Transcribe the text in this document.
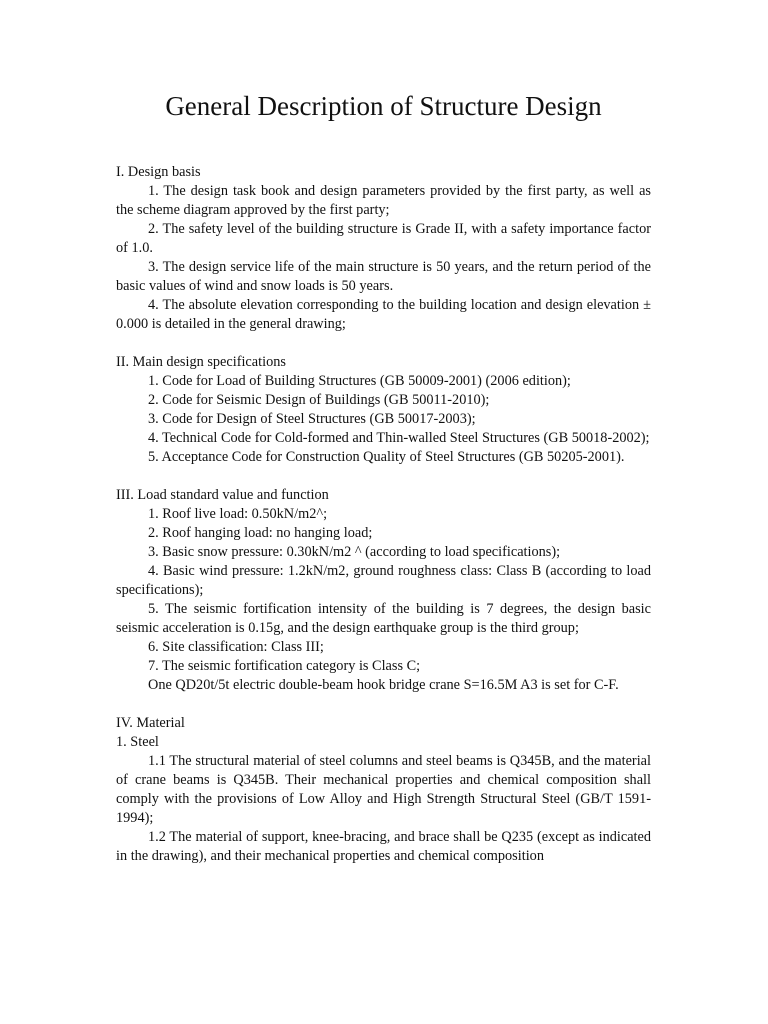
General Description of Structure Design

I. Design basis

1. The design task book and design parameters provided by the first party, as well as the scheme diagram approved by the first party;

2. The safety level of the building structure is Grade II, with a safety importance factor of 1.0.

3. The design service life of the main structure is 50 years, and the return period of the basic values of wind and snow loads is 50 years.

4. The absolute elevation corresponding to the building location and design elevation ± 0.000 is detailed in the general drawing;

II. Main design specifications

1. Code for Load of Building Structures (GB 50009-2001) (2006 edition);

2. Code for Seismic Design of Buildings (GB 50011-2010);

3. Code for Design of Steel Structures (GB 50017-2003);

4. Technical Code for Cold-formed and Thin-walled Steel Structures (GB 50018-2002);

5. Acceptance Code for Construction Quality of Steel Structures (GB 50205-2001).

III. Load standard value and function

1. Roof live load: 0.50kN/m2^;

2. Roof hanging load: no hanging load;

3. Basic snow pressure: 0.30kN/m2 ^ (according to load specifications);

4. Basic wind pressure: 1.2kN/m2, ground roughness class: Class B (according to load specifications);

5. The seismic fortification intensity of the building is 7 degrees, the design basic seismic acceleration is 0.15g, and the design earthquake group is the third group;

6. Site classification: Class III;

7. The seismic fortification category is Class C;

One QD20t/5t electric double-beam hook bridge crane S=16.5M A3 is set for C-F.

IV. Material

1. Steel

1.1 The structural material of steel columns and steel beams is Q345B, and the material of crane beams is Q345B. Their mechanical properties and chemical composition shall comply with the provisions of Low Alloy and High Strength Structural Steel (GB/T 1591-1994);

1.2 The material of support, knee-bracing, and brace shall be Q235 (except as indicated in the drawing), and their mechanical properties and chemical composition
